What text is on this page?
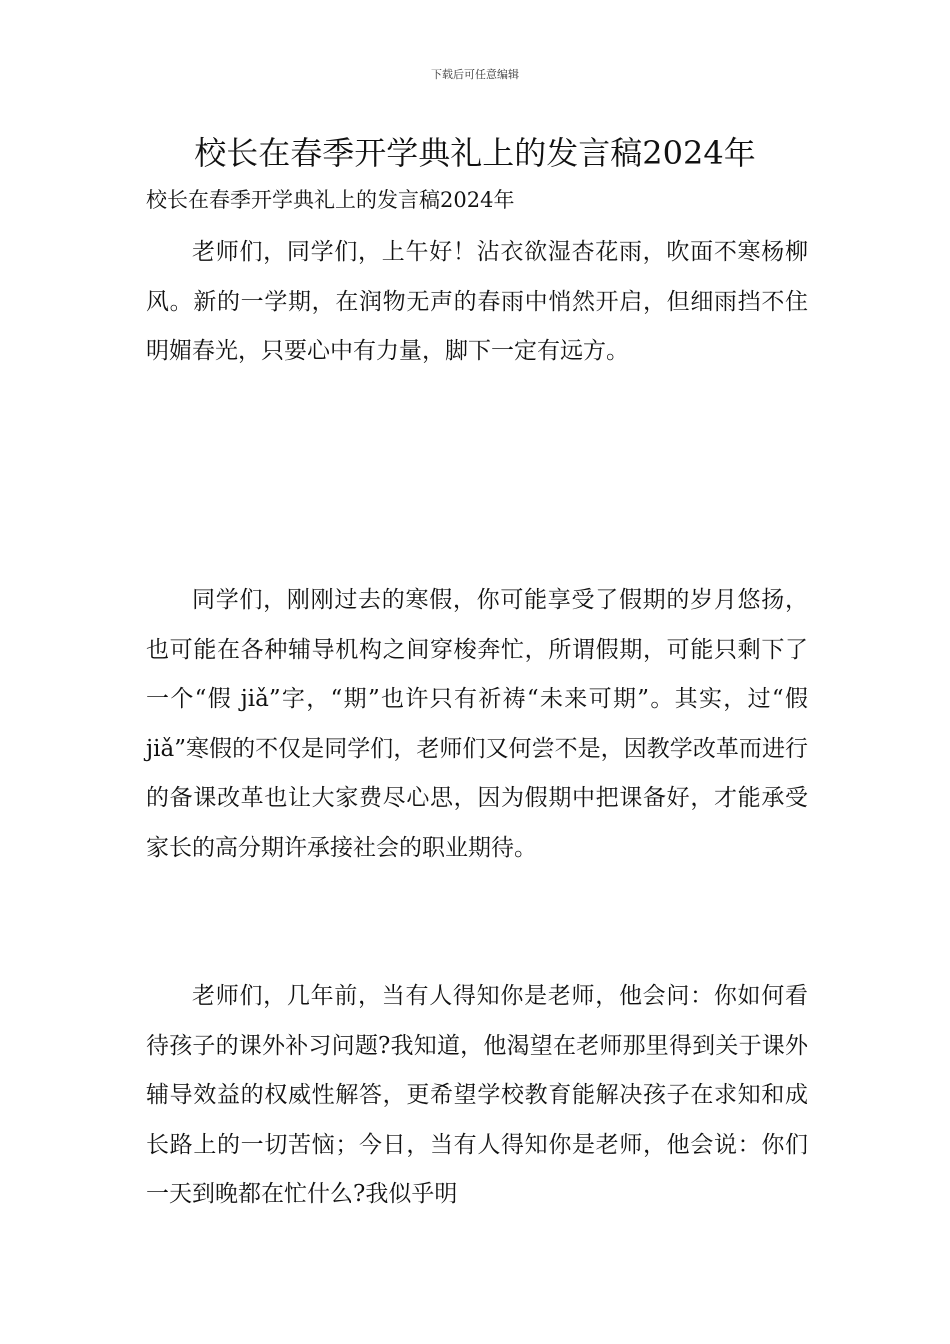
下载后可任意编辑
校长在春季开学典礼上的发言稿2024年
校长在春季开学典礼上的发言稿2024年

老师们，同学们，上午好！沾衣欲湿杏花雨，吹面不寒杨柳风。新的一学期，在润物无声的春雨中悄然开启，但细雨挡不住明媚春光，只要心中有力量，脚下一定有远方。

同学们，刚刚过去的寒假，你可能享受了假期的岁月悠扬，也可能在各种辅导机构之间穿梭奔忙，所谓假期，可能只剩下了一个“假 jiǎ”字，“期”也许只有祈祷“未来可期”。其实，过“假 jiǎ”寒假的不仅是同学们，老师们又何尝不是，因教学改革而进行的备课改革也让大家费尽心思，因为假期中把课备好，才能承受家长的高分期许承接社会的职业期待。

老师们，几年前，当有人得知你是老师，他会问：你如何看待孩子的课外补习问题?我知道，他渴望在老师那里得到关于课外辅导效益的权威性解答，更希望学校教育能解决孩子在求知和成长路上的一切苦恼；今日，当有人得知你是老师，他会说：你们一天到晚都在忙什么?我似乎明
